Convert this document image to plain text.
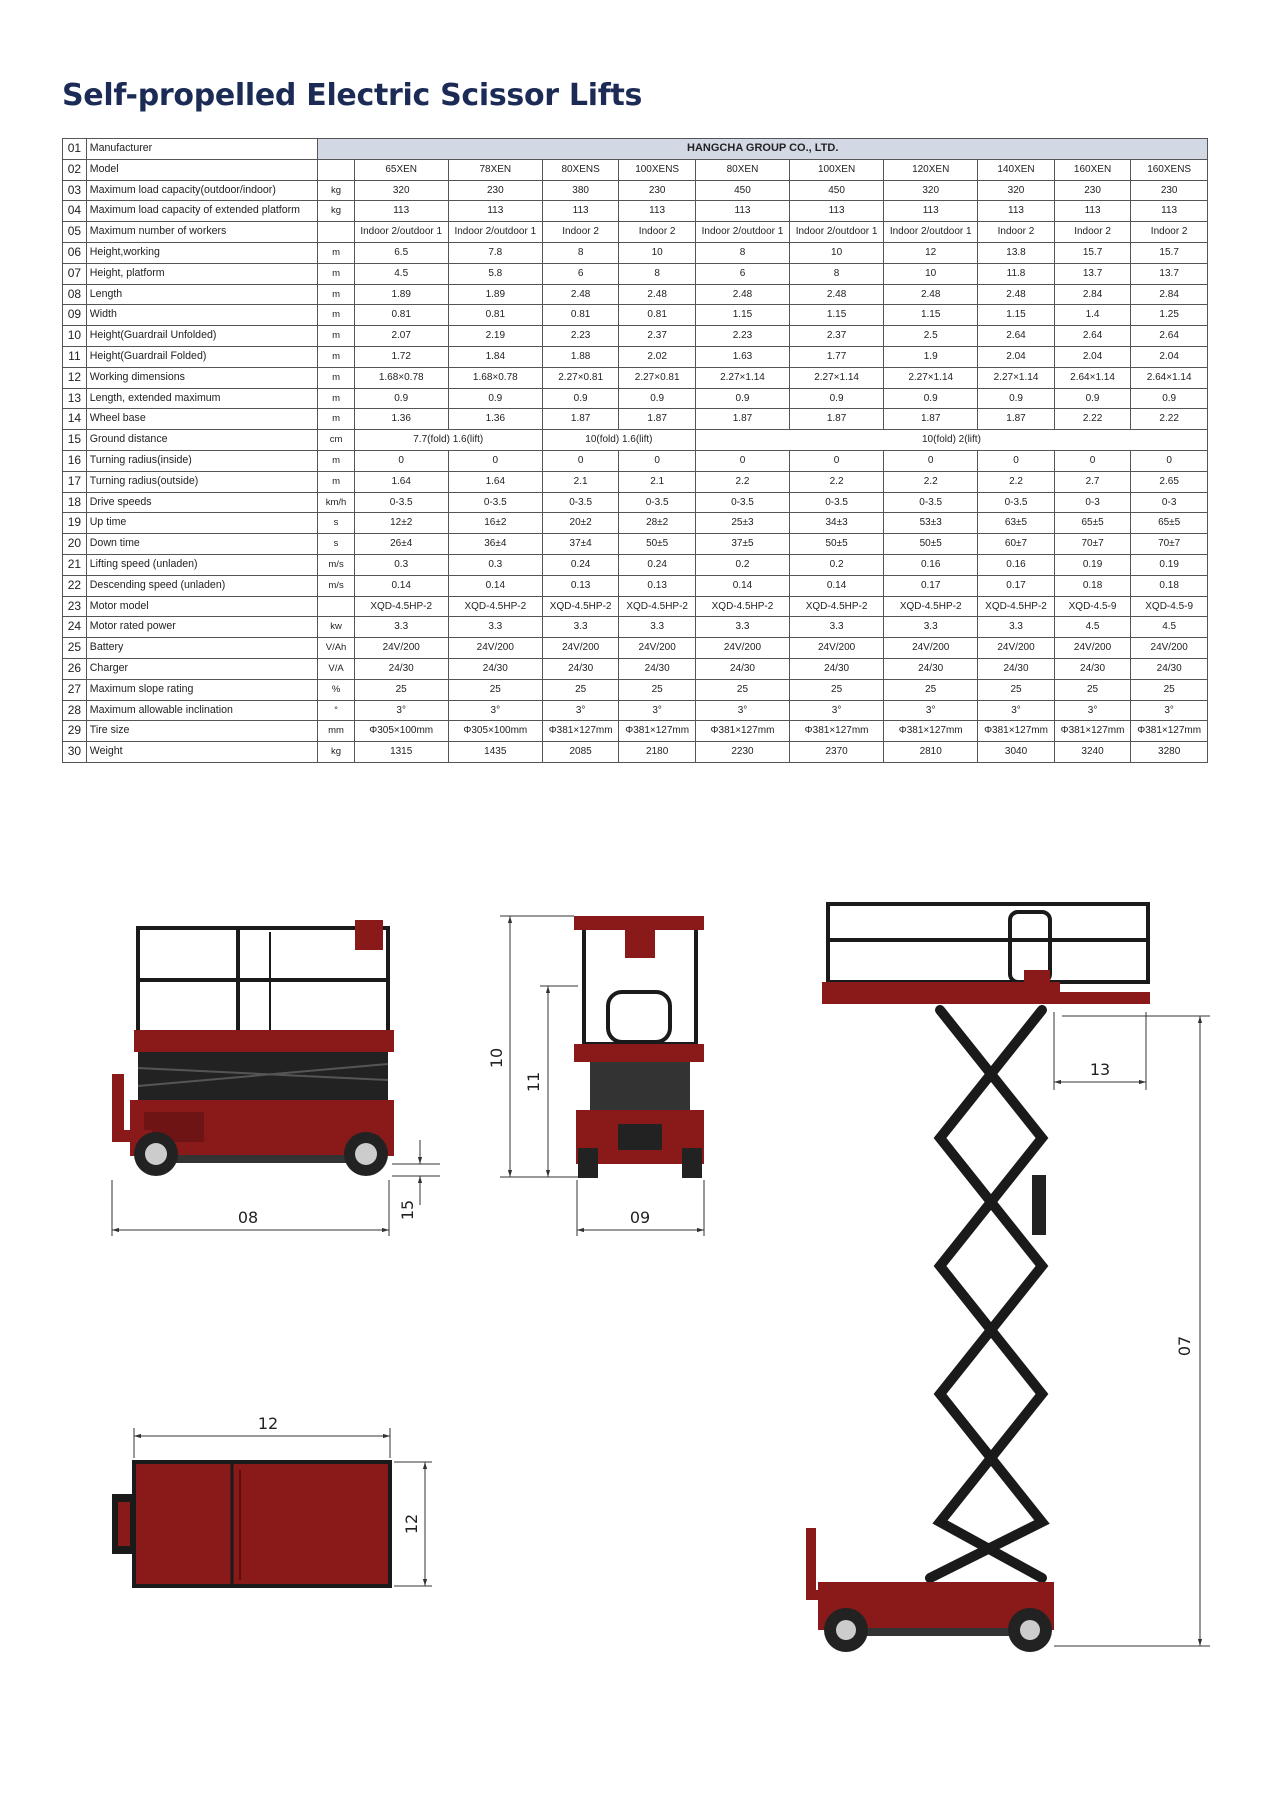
Self-propelled Electric Scissor Lifts
01	Manufacturer	HANGCHA GROUP CO., LTD.										
02	Model		65XEN	78XEN	80XENS	100XENS	80XEN	100XEN	120XEN	140XEN	160XEN	160XENS
03	Maximum load capacity(outdoor/indoor)	kg	320	230	380	230	450	450	320	320	230	230
04	Maximum load capacity of extended platform	kg	113	113	113	113	113	113	113	113	113	113
05	Maximum number of workers		Indoor 2/outdoor 1	Indoor 2/outdoor 1	Indoor 2	Indoor 2	Indoor 2/outdoor 1	Indoor 2/outdoor 1	Indoor 2/outdoor 1	Indoor 2	Indoor 2	Indoor 2
06	Height,working	m	6.5	7.8	8	10	8	10	12	13.8	15.7	15.7
07	Height, platform	m	4.5	5.8	6	8	6	8	10	11.8	13.7	13.7
08	Length	m	1.89	1.89	2.48	2.48	2.48	2.48	2.48	2.48	2.84	2.84
09	Width	m	0.81	0.81	0.81	0.81	1.15	1.15	1.15	1.15	1.4	1.25
10	Height(Guardrail Unfolded)	m	2.07	2.19	2.23	2.37	2.23	2.37	2.5	2.64	2.64	2.64
11	Height(Guardrail Folded)	m	1.72	1.84	1.88	2.02	1.63	1.77	1.9	2.04	2.04	2.04
12	Working dimensions	m	1.68×0.78	1.68×0.78	2.27×0.81	2.27×0.81	2.27×1.14	2.27×1.14	2.27×1.14	2.27×1.14	2.64×1.14	2.64×1.14
13	Length, extended maximum	m	0.9	0.9	0.9	0.9	0.9	0.9	0.9	0.9	0.9	0.9
14	Wheel base	m	1.36	1.36	1.87	1.87	1.87	1.87	1.87	1.87	2.22	2.22
15	Ground distance	cm	7.7(fold) 1.6(lift)		10(fold) 1.6(lift)		10(fold) 2(lift)					
16	Turning radius(inside)	m	0	0	0	0	0	0	0	0	0	0
17	Turning radius(outside)	m	1.64	1.64	2.1	2.1	2.2	2.2	2.2	2.2	2.7	2.65
18	Drive speeds	km/h	0-3.5	0-3.5	0-3.5	0-3.5	0-3.5	0-3.5	0-3.5	0-3.5	0-3	0-3
19	Up time	s	12±2	16±2	20±2	28±2	25±3	34±3	53±3	63±5	65±5	65±5
20	Down time	s	26±4	36±4	37±4	50±5	37±5	50±5	50±5	60±7	70±7	70±7
21	Lifting speed (unladen)	m/s	0.3	0.3	0.24	0.24	0.2	0.2	0.16	0.16	0.19	0.19
22	Descending speed (unladen)	m/s	0.14	0.14	0.13	0.13	0.14	0.14	0.17	0.17	0.18	0.18
23	Motor model		XQD-4.5HP-2	XQD-4.5HP-2	XQD-4.5HP-2	XQD-4.5HP-2	XQD-4.5HP-2	XQD-4.5HP-2	XQD-4.5HP-2	XQD-4.5HP-2	XQD-4.5-9	XQD-4.5-9
24	Motor rated power	kw	3.3	3.3	3.3	3.3	3.3	3.3	3.3	3.3	4.5	4.5
25	Battery	V/Ah	24V/200	24V/200	24V/200	24V/200	24V/200	24V/200	24V/200	24V/200	24V/200	24V/200
26	Charger	V/A	24/30	24/30	24/30	24/30	24/30	24/30	24/30	24/30	24/30	24/30
27	Maximum slope rating	%	25	25	25	25	25	25	25	25	25	25
28	Maximum allowable inclination	°	3°	3°	3°	3°	3°	3°	3°	3°	3°	3°
29	Tire size	mm	Φ305×100mm	Φ305×100mm	Φ381×127mm	Φ381×127mm	Φ381×127mm	Φ381×127mm	Φ381×127mm	Φ381×127mm	Φ381×127mm	Φ381×127mm
30	Weight	kg	1315	1435	2085	2180	2230	2370	2810	3040	3240	3280
08	15
10
11
09
12
12
13
07
